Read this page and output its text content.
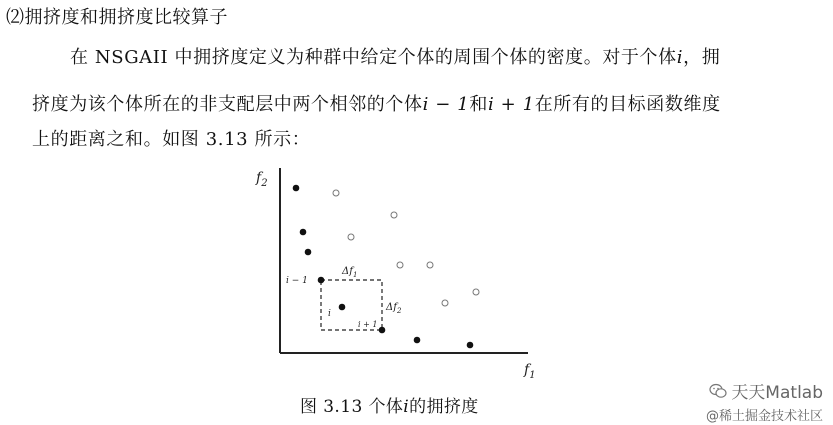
⑵拥挤度和拥挤度比较算子
在 NSGAII 中拥挤度定义为种群中给定个体的周围个体的密度。对于个体i，拥
挤度为该个体所在的非支配层中两个相邻的个体i − 1和i + 1在所有的目标函数维度
上的距离之和。如图 3.13 所示：
$f_2$
$f_1$
i − 1
i
i + 1
$\Delta f_1$
$\Delta f_2$
图 3.13 个体i的拥挤度
天天Matlab
@稀土掘金技术社区
